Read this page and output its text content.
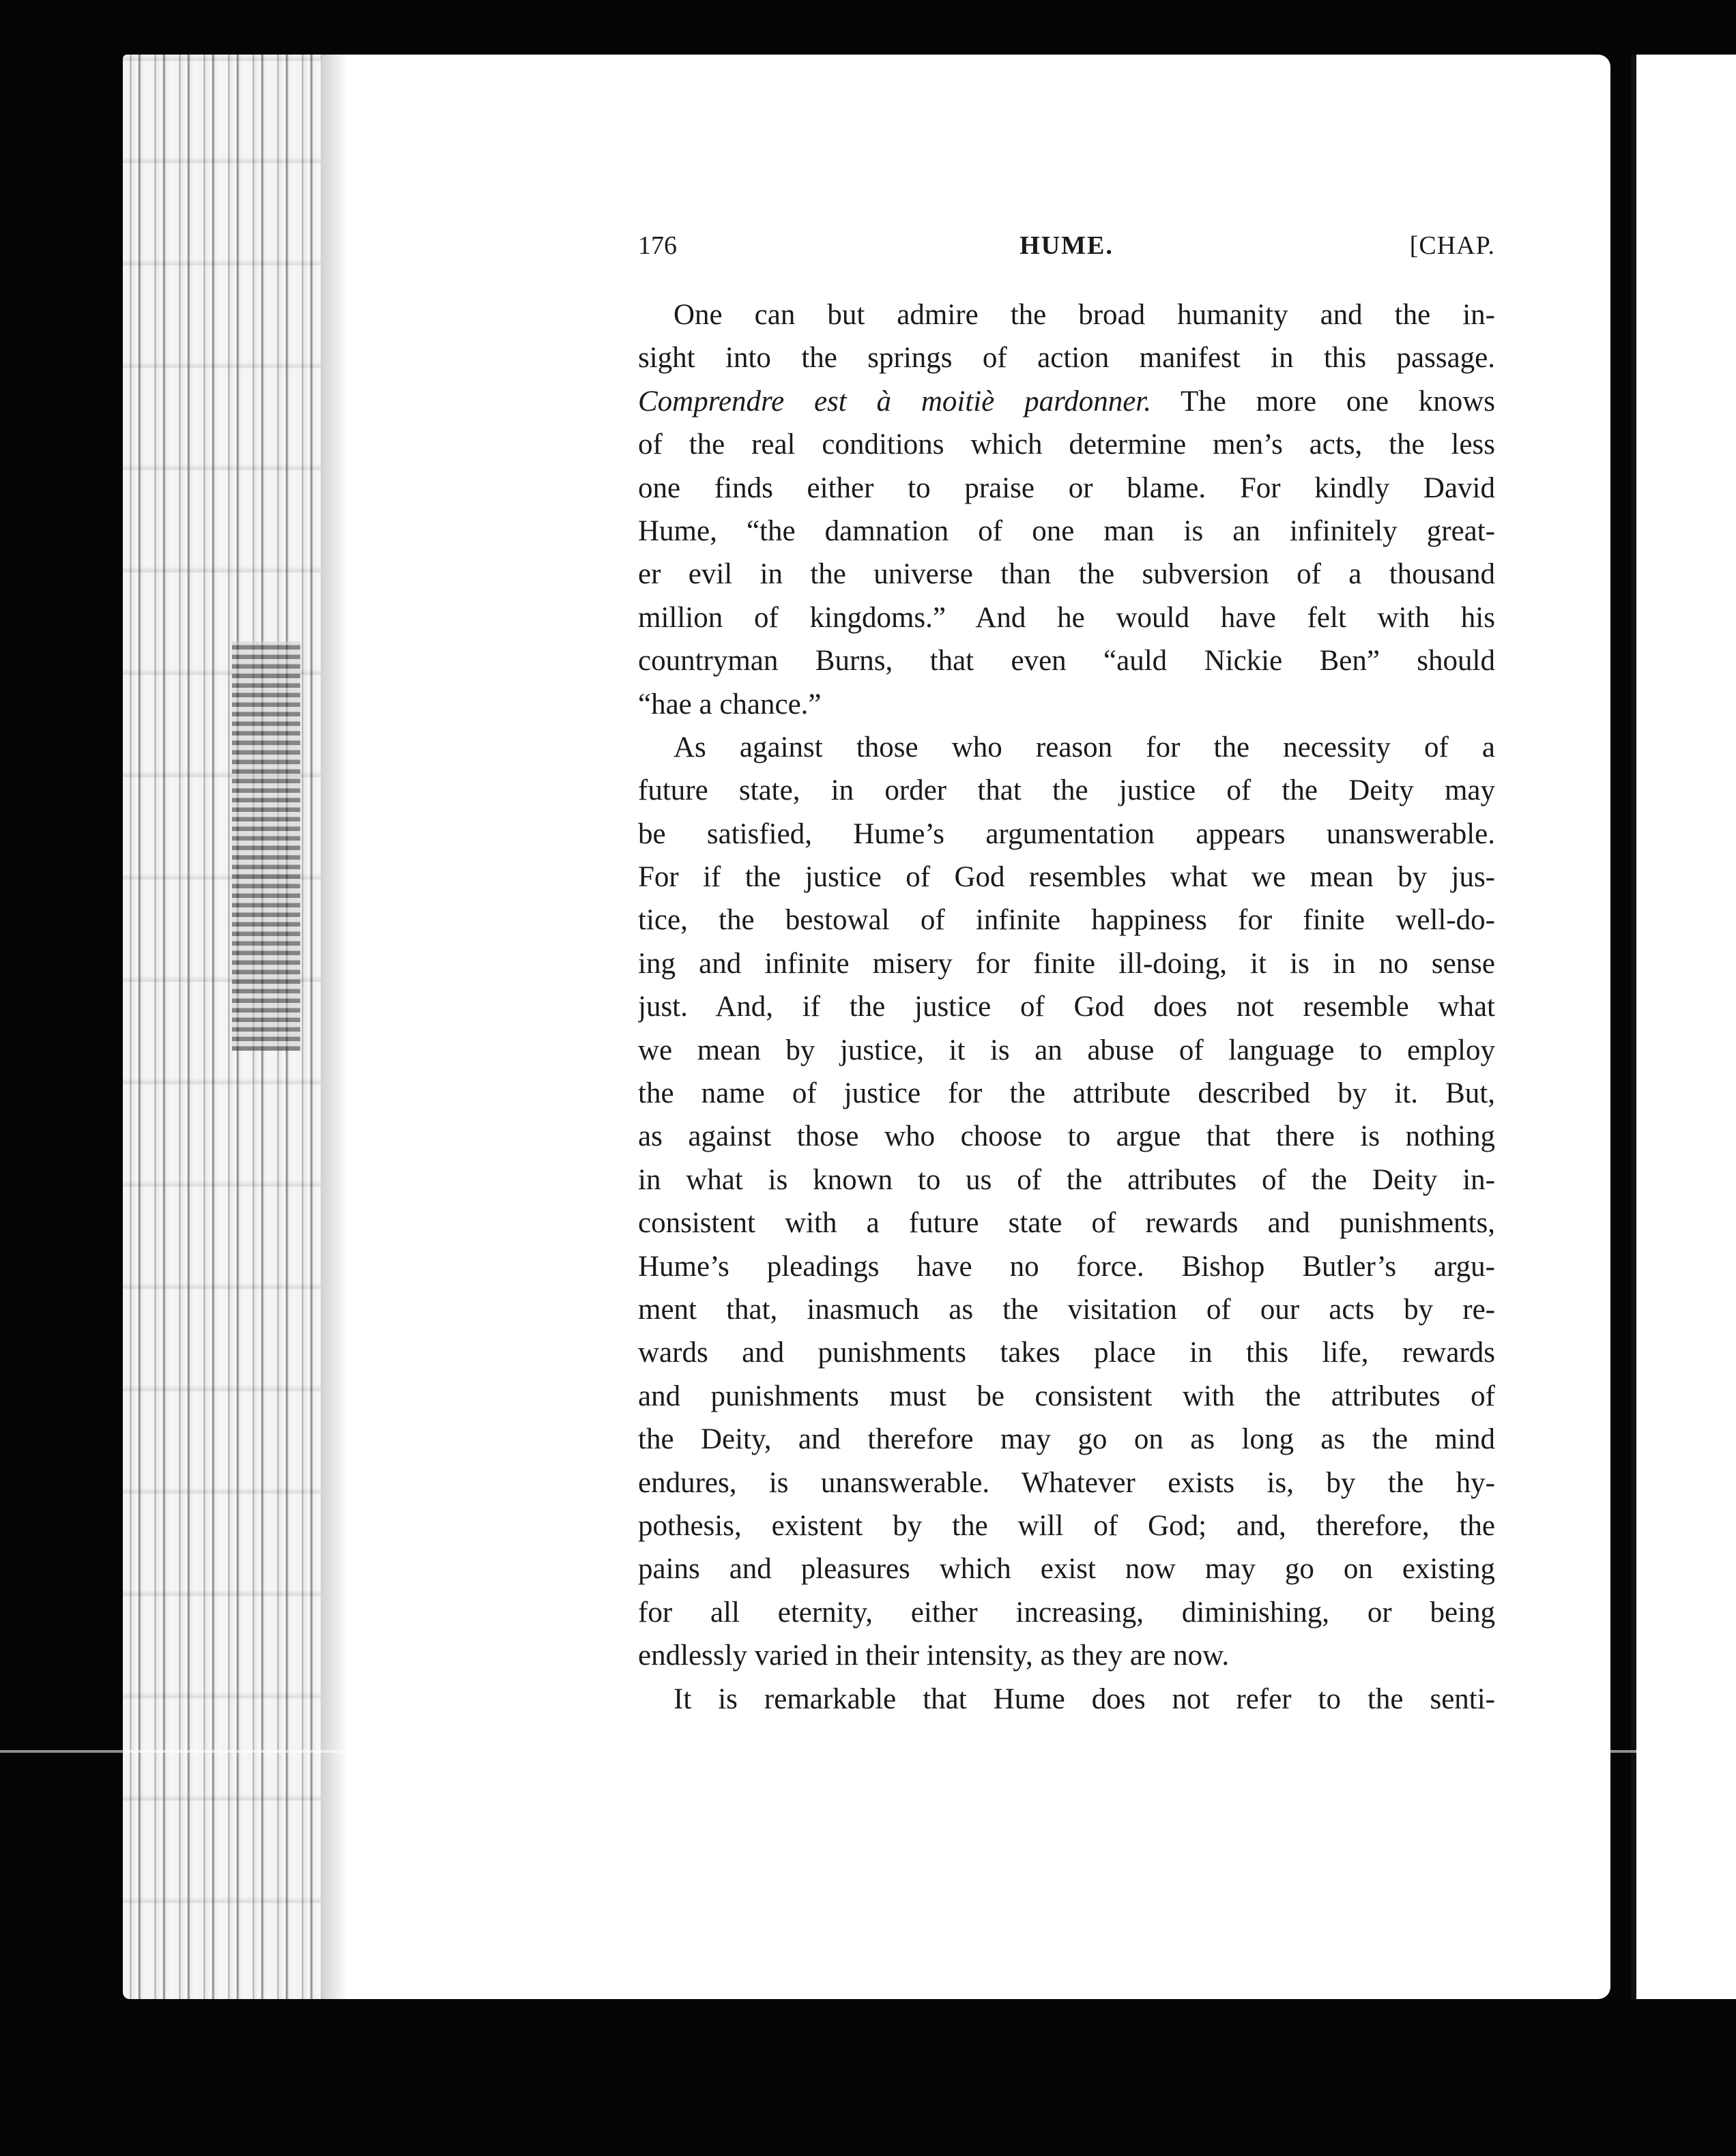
176	HUME.	[CHAP.
One can but admire the broad humanity and the in-
sight into the springs of action manifest in this passage.
Comprendre est à moitiè pardonner. The more one knows
of the real conditions which determine men’s acts, the less
one finds either to praise or blame. For kindly David
Hume, “the damnation of one man is an infinitely great-
er evil in the universe than the subversion of a thousand
million of kingdoms.” And he would have felt with his
countryman Burns, that even “auld Nickie Ben” should
“hae a chance.”
As against those who reason for the necessity of a
future state, in order that the justice of the Deity may
be satisfied, Hume’s argumentation appears unanswerable.
For if the justice of God resembles what we mean by jus-
tice, the bestowal of infinite happiness for finite well-do-
ing and infinite misery for finite ill-doing, it is in no sense
just. And, if the justice of God does not resemble what
we mean by justice, it is an abuse of language to employ
the name of justice for the attribute described by it. But,
as against those who choose to argue that there is nothing
in what is known to us of the attributes of the Deity in-
consistent with a future state of rewards and punishments,
Hume’s pleadings have no force. Bishop Butler’s argu-
ment that, inasmuch as the visitation of our acts by re-
wards and punishments takes place in this life, rewards
and punishments must be consistent with the attributes of
the Deity, and therefore may go on as long as the mind
endures, is unanswerable. Whatever exists is, by the hy-
pothesis, existent by the will of God; and, therefore, the
pains and pleasures which exist now may go on existing
for all eternity, either increasing, diminishing, or being
endlessly varied in their intensity, as they are now.
It is remarkable that Hume does not refer to the senti-
